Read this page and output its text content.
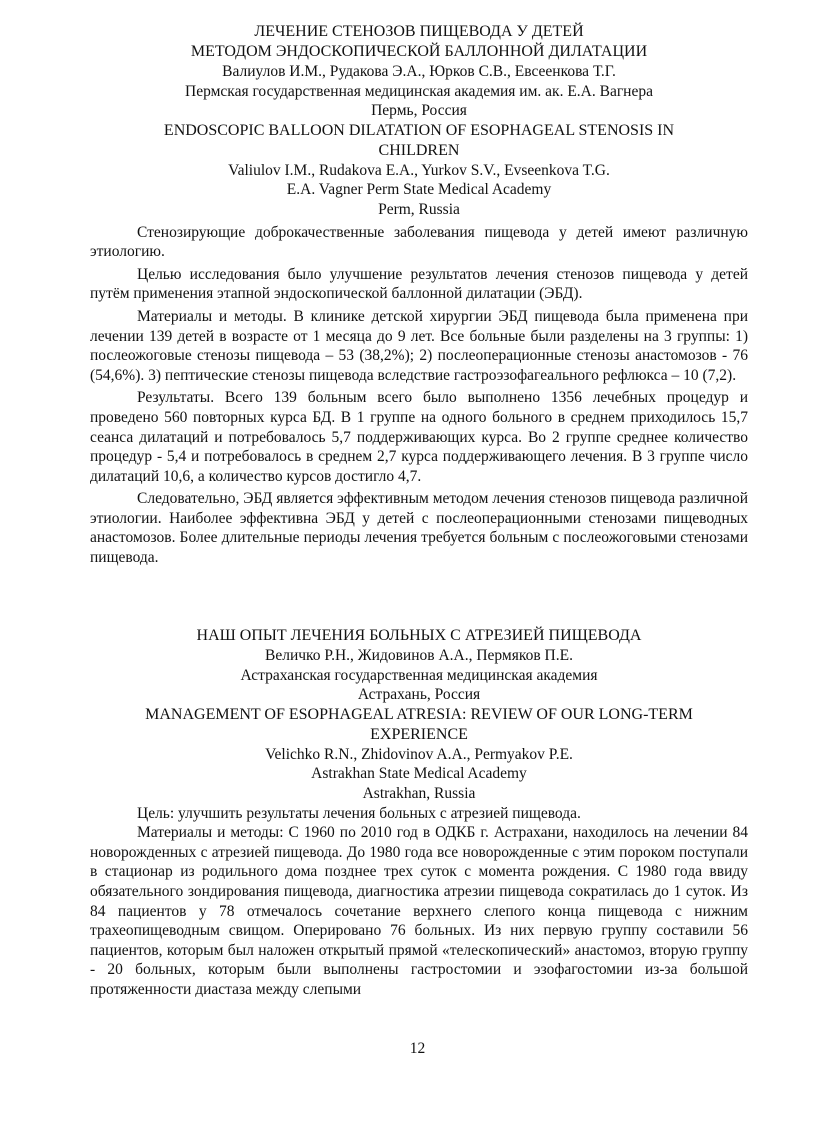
ЛЕЧЕНИЕ СТЕНОЗОВ ПИЩЕВОДА У ДЕТЕЙ
МЕТОДОМ ЭНДОСКОПИЧЕСКОЙ БАЛЛОННОЙ ДИЛАТАЦИИ
Валиулов И.М., Рудакова Э.А., Юрков С.В., Евсеенкова Т.Г.
Пермская государственная медицинская академия им. ак. Е.А. Вагнера
Пермь, Россия
ENDOSCOPIC BALLOON DILATATION OF ESOPHAGEAL STENOSIS IN
CHILDREN
Valiulov I.M., Rudakova E.A., Yurkov S.V., Evseenkova T.G.
E.A. Vagner Perm State Medical Academy
Perm, Russia

Стенозирующие доброкачественные заболевания пищевода у детей имеют различную этиологию.

Целью исследования было улучшение результатов лечения стенозов пищевода у детей путём применения этапной эндоскопической баллонной дилатации (ЭБД).

Материалы и методы. В клинике детской хирургии ЭБД пищевода была применена при лечении 139 детей в возрасте от 1 месяца до 9 лет. Все больные были разделены на 3 группы: 1) послеожоговые стенозы пищевода – 53 (38,2%); 2) послеоперационные стенозы анастомозов - 76 (54,6%). 3) пептические стенозы пищевода вследствие гастроэзофагеального рефлюкса – 10 (7,2).

Результаты. Всего 139 больным всего было выполнено 1356 лечебных процедур и проведено 560 повторных курса БД. В 1 группе на одного больного в среднем приходилось 15,7 сеанса дилатаций и потребовалось 5,7 поддерживающих курса. Во 2 группе среднее количество процедур - 5,4 и потребовалось в среднем 2,7 курса поддерживающего лечения. В 3 группе число дилатаций 10,6, а количество курсов достигло 4,7.

Следовательно, ЭБД является эффективным методом лечения стенозов пищевода различной этиологии. Наиболее эффективна ЭБД у детей с послеоперационными стенозами пищеводных анастомозов. Более длительные периоды лечения требуется больным с послеожоговыми стенозами пищевода.

НАШ ОПЫТ ЛЕЧЕНИЯ БОЛЬНЫХ С АТРЕЗИЕЙ ПИЩЕВОДА
Величко Р.Н., Жидовинов А.А., Пермяков П.Е.
Астраханская государственная медицинская академия
Астрахань, Россия
MANAGEMENT OF ESOPHAGEAL ATRESIA: REVIEW OF OUR LONG-TERM
EXPERIENCE
Velichko R.N., Zhidovinov A.A., Permyakov P.E.
Astrakhan State Medical Academy
Astrakhan, Russia

Цель: улучшить результаты лечения больных с атрезией пищевода.

Материалы и методы: С 1960 по 2010 год в ОДКБ г. Астрахани, находилось на лечении 84 новорожденных с атрезией пищевода. До 1980 года все новорожденные с этим пороком поступали в стационар из родильного дома позднее трех суток с момента рождения. С 1980 года ввиду обязательного зондирования пищевода, диагностика атрезии пищевода сократилась до 1 суток. Из 84 пациентов у 78 отмечалось сочетание верхнего слепого конца пищевода с нижним трахеопищеводным свищом. Оперировано 76 больных. Из них первую группу составили 56 пациентов, которым был наложен открытый прямой «телескопический» анастомоз, вторую группу - 20 больных, которым были выполнены гастростомии и эзофагостомии из-за большой протяженности диастаза между слепыми

12
